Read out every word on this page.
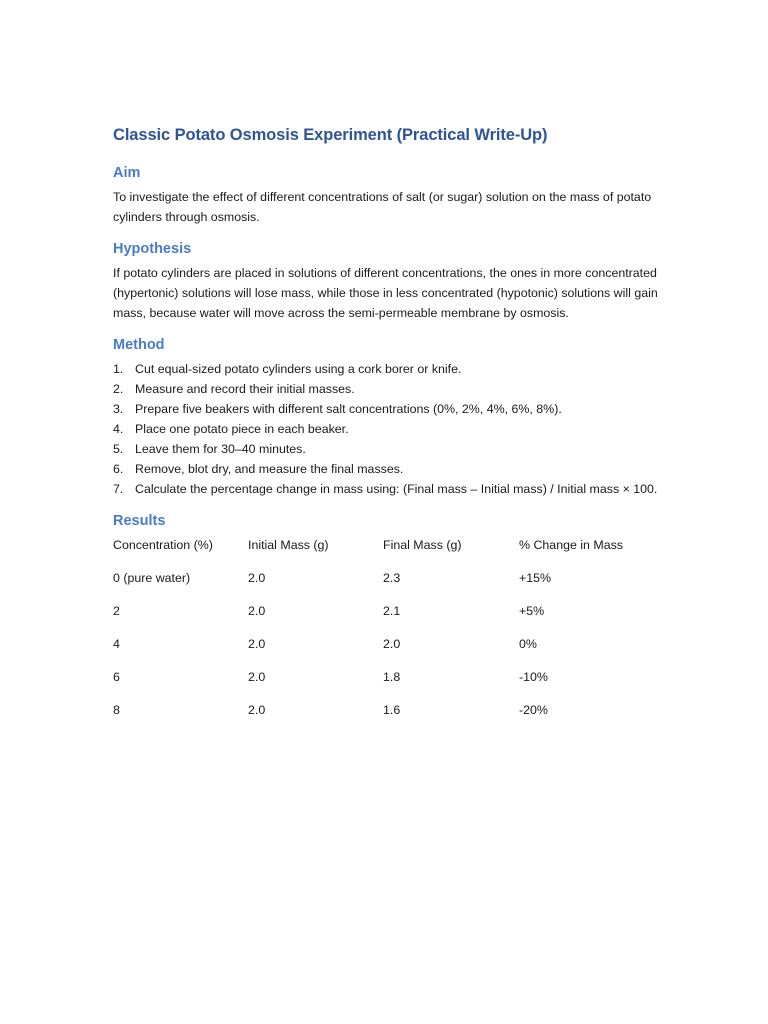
Classic Potato Osmosis Experiment (Practical Write-Up)
Aim

To investigate the effect of different concentrations of salt (or sugar) solution on the mass of potato cylinders through osmosis.

Hypothesis

If potato cylinders are placed in solutions of different concentrations, the ones in more concentrated (hypertonic) solutions will lose mass, while those in less concentrated (hypotonic) solutions will gain mass, because water will move across the semi-permeable membrane by osmosis.

Method
1. Cut equal-sized potato cylinders using a cork borer or knife.
2. Measure and record their initial masses.
3. Prepare five beakers with different salt concentrations (0%, 2%, 4%, 6%, 8%).
4. Place one potato piece in each beaker.
5. Leave them for 30–40 minutes.
6. Remove, blot dry, and measure the final masses.
7. Calculate the percentage change in mass using: (Final mass – Initial mass) / Initial mass × 100.
Results
Concentration (%)	Initial Mass (g)	Final Mass (g)	% Change in Mass
0 (pure water)	2.0	2.3	+15%
2	2.0	2.1	+5%
4	2.0	2.0	0%
6	2.0	1.8	-10%
8	2.0	1.6	-20%
